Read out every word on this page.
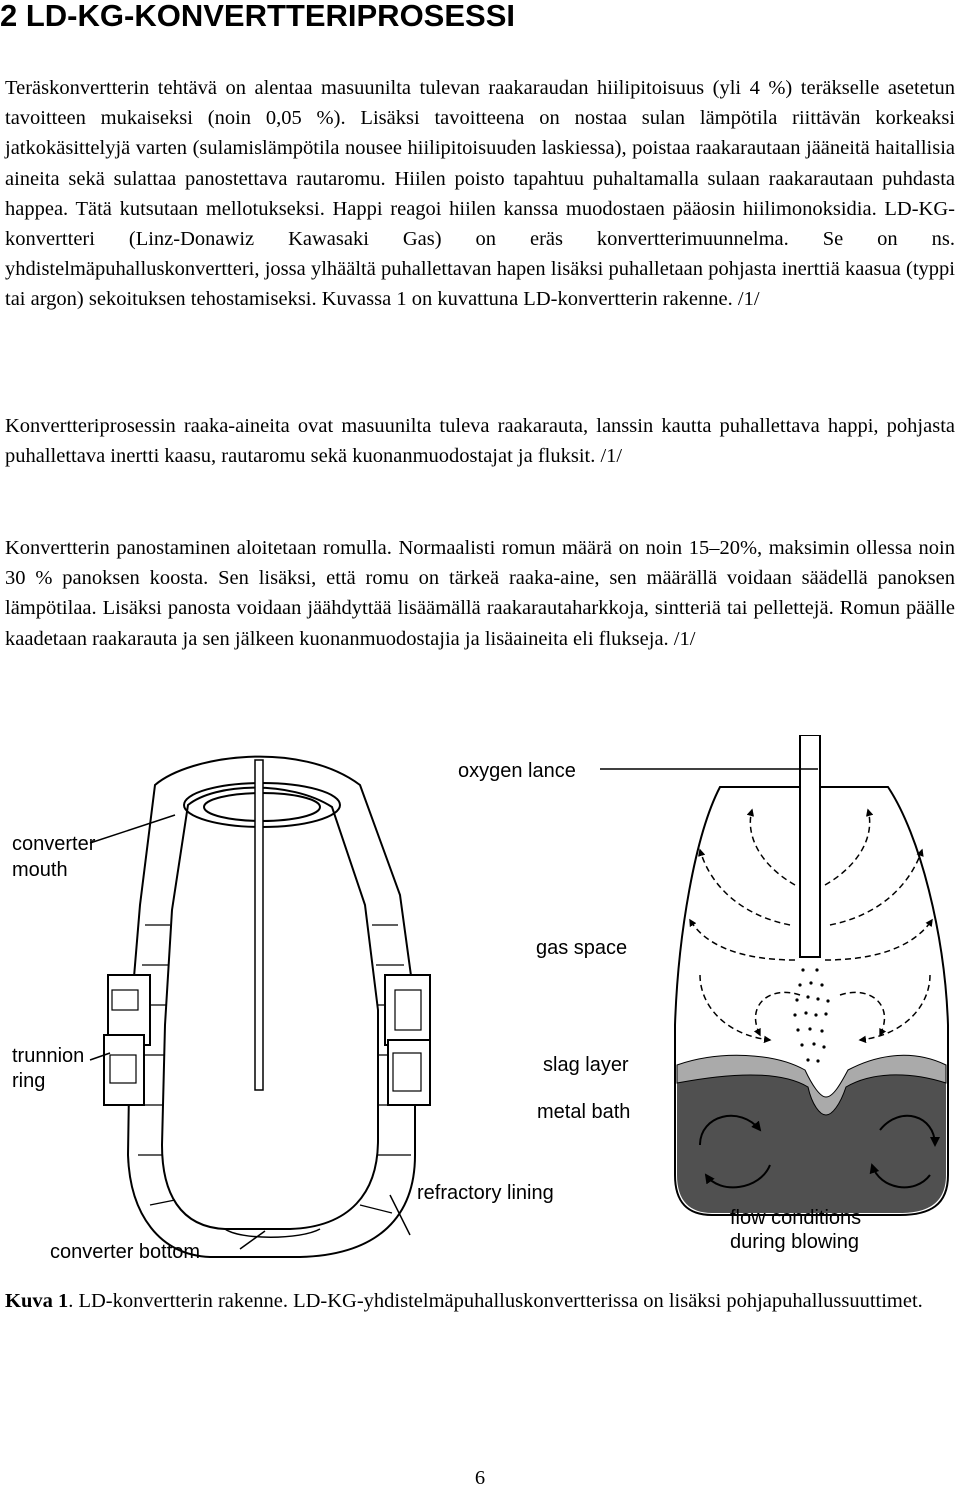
2 LD-KG-KONVERTTERIPROSESSI

Teräskonvertterin tehtävä on alentaa masuunilta tulevan raakaraudan hiilipitoisuus (yli 4 %) teräkselle asetetun tavoitteen mukaiseksi (noin 0,05 %). Lisäksi tavoitteena on nostaa sulan lämpötila riittävän korkeaksi jatkokäsittelyjä varten (sulamislämpötila nousee hiilipitoisuuden laskiessa), poistaa raakarautaan jääneitä haitallisia aineita sekä sulattaa panostettava rautaromu. Hiilen poisto tapahtuu puhaltamalla sulaan raakarautaan puhdasta happea. Tätä kutsutaan mellotukseksi. Happi reagoi hiilen kanssa muodostaen pääosin hiilimonoksidia. LD-KG-konvertteri (Linz-Donawiz Kawasaki Gas) on eräs konvertterimuunnelma. Se on ns. yhdistelmäpuhalluskonvertteri, jossa ylhäältä puhallettavan hapen lisäksi puhalletaan pohjasta inerttiä kaasua (typpi tai argon) sekoituksen tehostamiseksi. Kuvassa 1 on kuvattuna LD-konvertterin rakenne. /1/

Konvertteriprosessin raaka-aineita ovat masuunilta tuleva raakarauta, lanssin kautta puhallettava happi, pohjasta puhallettava inertti kaasu, rautaromu sekä kuonanmuodostajat ja fluksit. /1/

Konvertterin panostaminen aloitetaan romulla. Normaalisti romun määrä on noin 15–20%, maksimin ollessa noin 30 % panoksen koosta. Sen lisäksi, että romu on tärkeä raaka-aine, sen määrällä voidaan säädellä panoksen lämpötilaa. Lisäksi panosta voidaan jäähdyttää lisäämällä raakarautaharkkoja, sintteriä tai pellettejä. Romun päälle kaadetaan raakarauta ja sen jälkeen kuonanmuodostajia ja lisäaineita eli flukseja. /1/

oxygen lance
converter
mouth
gas space
trunnion
ring
slag layer
metal bath
refractory lining
flow conditions
during blowing
converter bottom

Kuva 1. LD-konvertterin rakenne. LD-KG-yhdistelmäpuhalluskonvertterissa on lisäksi pohjapuhallussuuttimet.

6
